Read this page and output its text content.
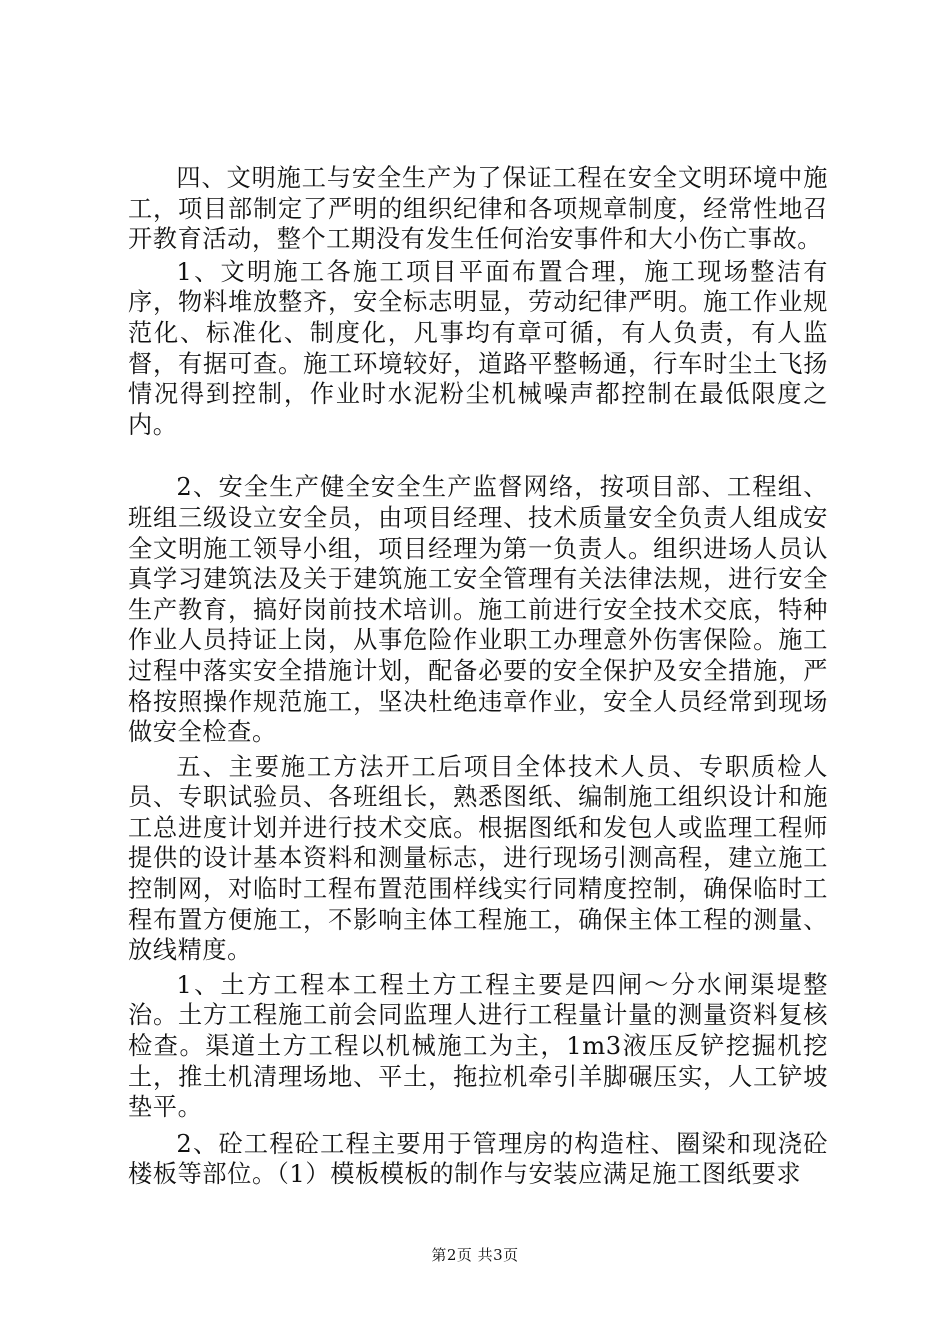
四、文明施工与安全生产为了保证工程在安全文明环境中施工，项目部制定了严明的组织纪律和各项规章制度，经常性地召开教育活动，整个工期没有发生任何治安事件和大小伤亡事故。

1、文明施工各施工项目平面布置合理，施工现场整洁有序，物料堆放整齐，安全标志明显，劳动纪律严明。施工作业规范化、标准化、制度化，凡事均有章可循，有人负责，有人监督，有据可查。施工环境较好，道路平整畅通，行车时尘土飞扬情况得到控制，作业时水泥粉尘机械噪声都控制在最低限度之内。

2、安全生产健全安全生产监督网络，按项目部、工程组、班组三级设立安全员，由项目经理、技术质量安全负责人组成安全文明施工领导小组，项目经理为第一负责人。组织进场人员认真学习建筑法及关于建筑施工安全管理有关法律法规，进行安全生产教育，搞好岗前技术培训。施工前进行安全技术交底，特种作业人员持证上岗，从事危险作业职工办理意外伤害保险。施工过程中落实安全措施计划，配备必要的安全保护及安全措施，严格按照操作规范施工，坚决杜绝违章作业，安全人员经常到现场做安全检查。

五、主要施工方法开工后项目全体技术人员、专职质检人员、专职试验员、各班组长，熟悉图纸、编制施工组织设计和施工总进度计划并进行技术交底。根据图纸和发包人或监理工程师提供的设计基本资料和测量标志，进行现场引测高程，建立施工控制网，对临时工程布置范围样线实行同精度控制，确保临时工程布置方便施工，不影响主体工程施工，确保主体工程的测量、放线精度。

1、土方工程本工程土方工程主要是四闸～分水闸渠堤整治。土方工程施工前会同监理人进行工程量计量的测量资料复核检查。渠道土方工程以机械施工为主，1m3液压反铲挖掘机挖土，推土机清理场地、平土，拖拉机牵引羊脚碾压实，人工铲坡垫平。

2、砼工程砼工程主要用于管理房的构造柱、圈梁和现浇砼楼板等部位。（1）模板模板的制作与安装应满足施工图纸要求

第2页 共3页
